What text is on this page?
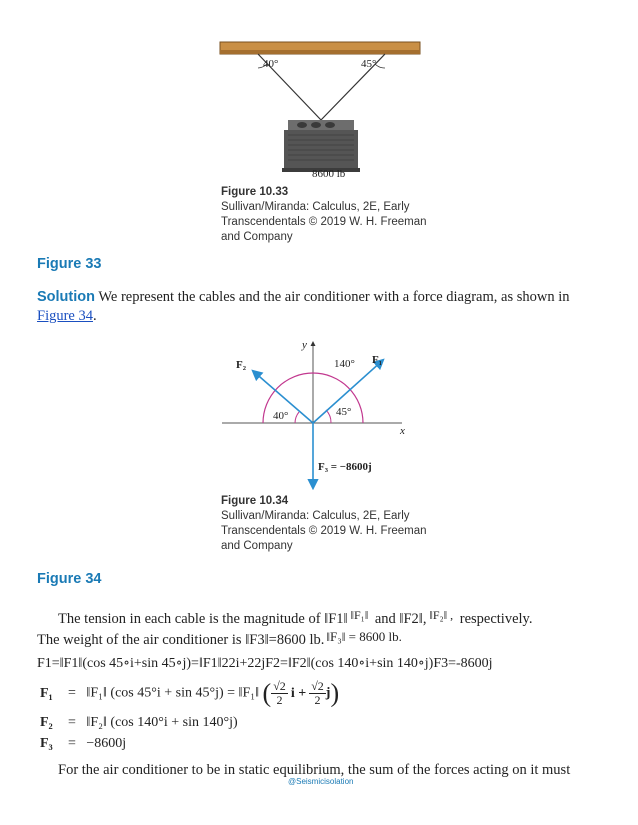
40°	45°
8600 lb
Figure 10.33
Sullivan/Miranda: Calculus, 2E, Early
Transcendentals © 2019 W. H. Freeman
and Company
Figure 33
Solution We represent the cables and the air conditioner with a force diagram, as shown in
Figure 34.
y
x
F₁
F₂	140°
40°	45°
F₃ = −8600j
Figure 10.34
Sullivan/Miranda: Calculus, 2E, Early
Transcendentals © 2019 W. H. Freeman
and Company
Figure 34
The tension in each cable is the magnitude of ‖F1‖ $^{‖F_1‖}$ and ‖F2‖, $^{‖F_2‖ ,}$ respectively.
The weight of the air conditioner is ‖F3‖=8600 lb. ‖F₃‖ = 8600 lb.
F1=‖F1‖(cos 45∘i+sin 45∘j)=‖F1‖22i+22jF2=‖F2‖(cos 140∘i+sin 140∘j)F3=-8600j
F₁ =   ‖F₁‖ (cos 45°i + sin 45°j) = ‖F₁‖ ( $\frac{√2}{2}$ $i + \frac{√2}{2} j$)
F₂ =   ‖F₂‖ (cos 140°i + sin 140°j)
F₃ =   −8600j
For the air conditioner to be in static equilibrium, the sum of the forces acting on it must
@Seismicisolation
